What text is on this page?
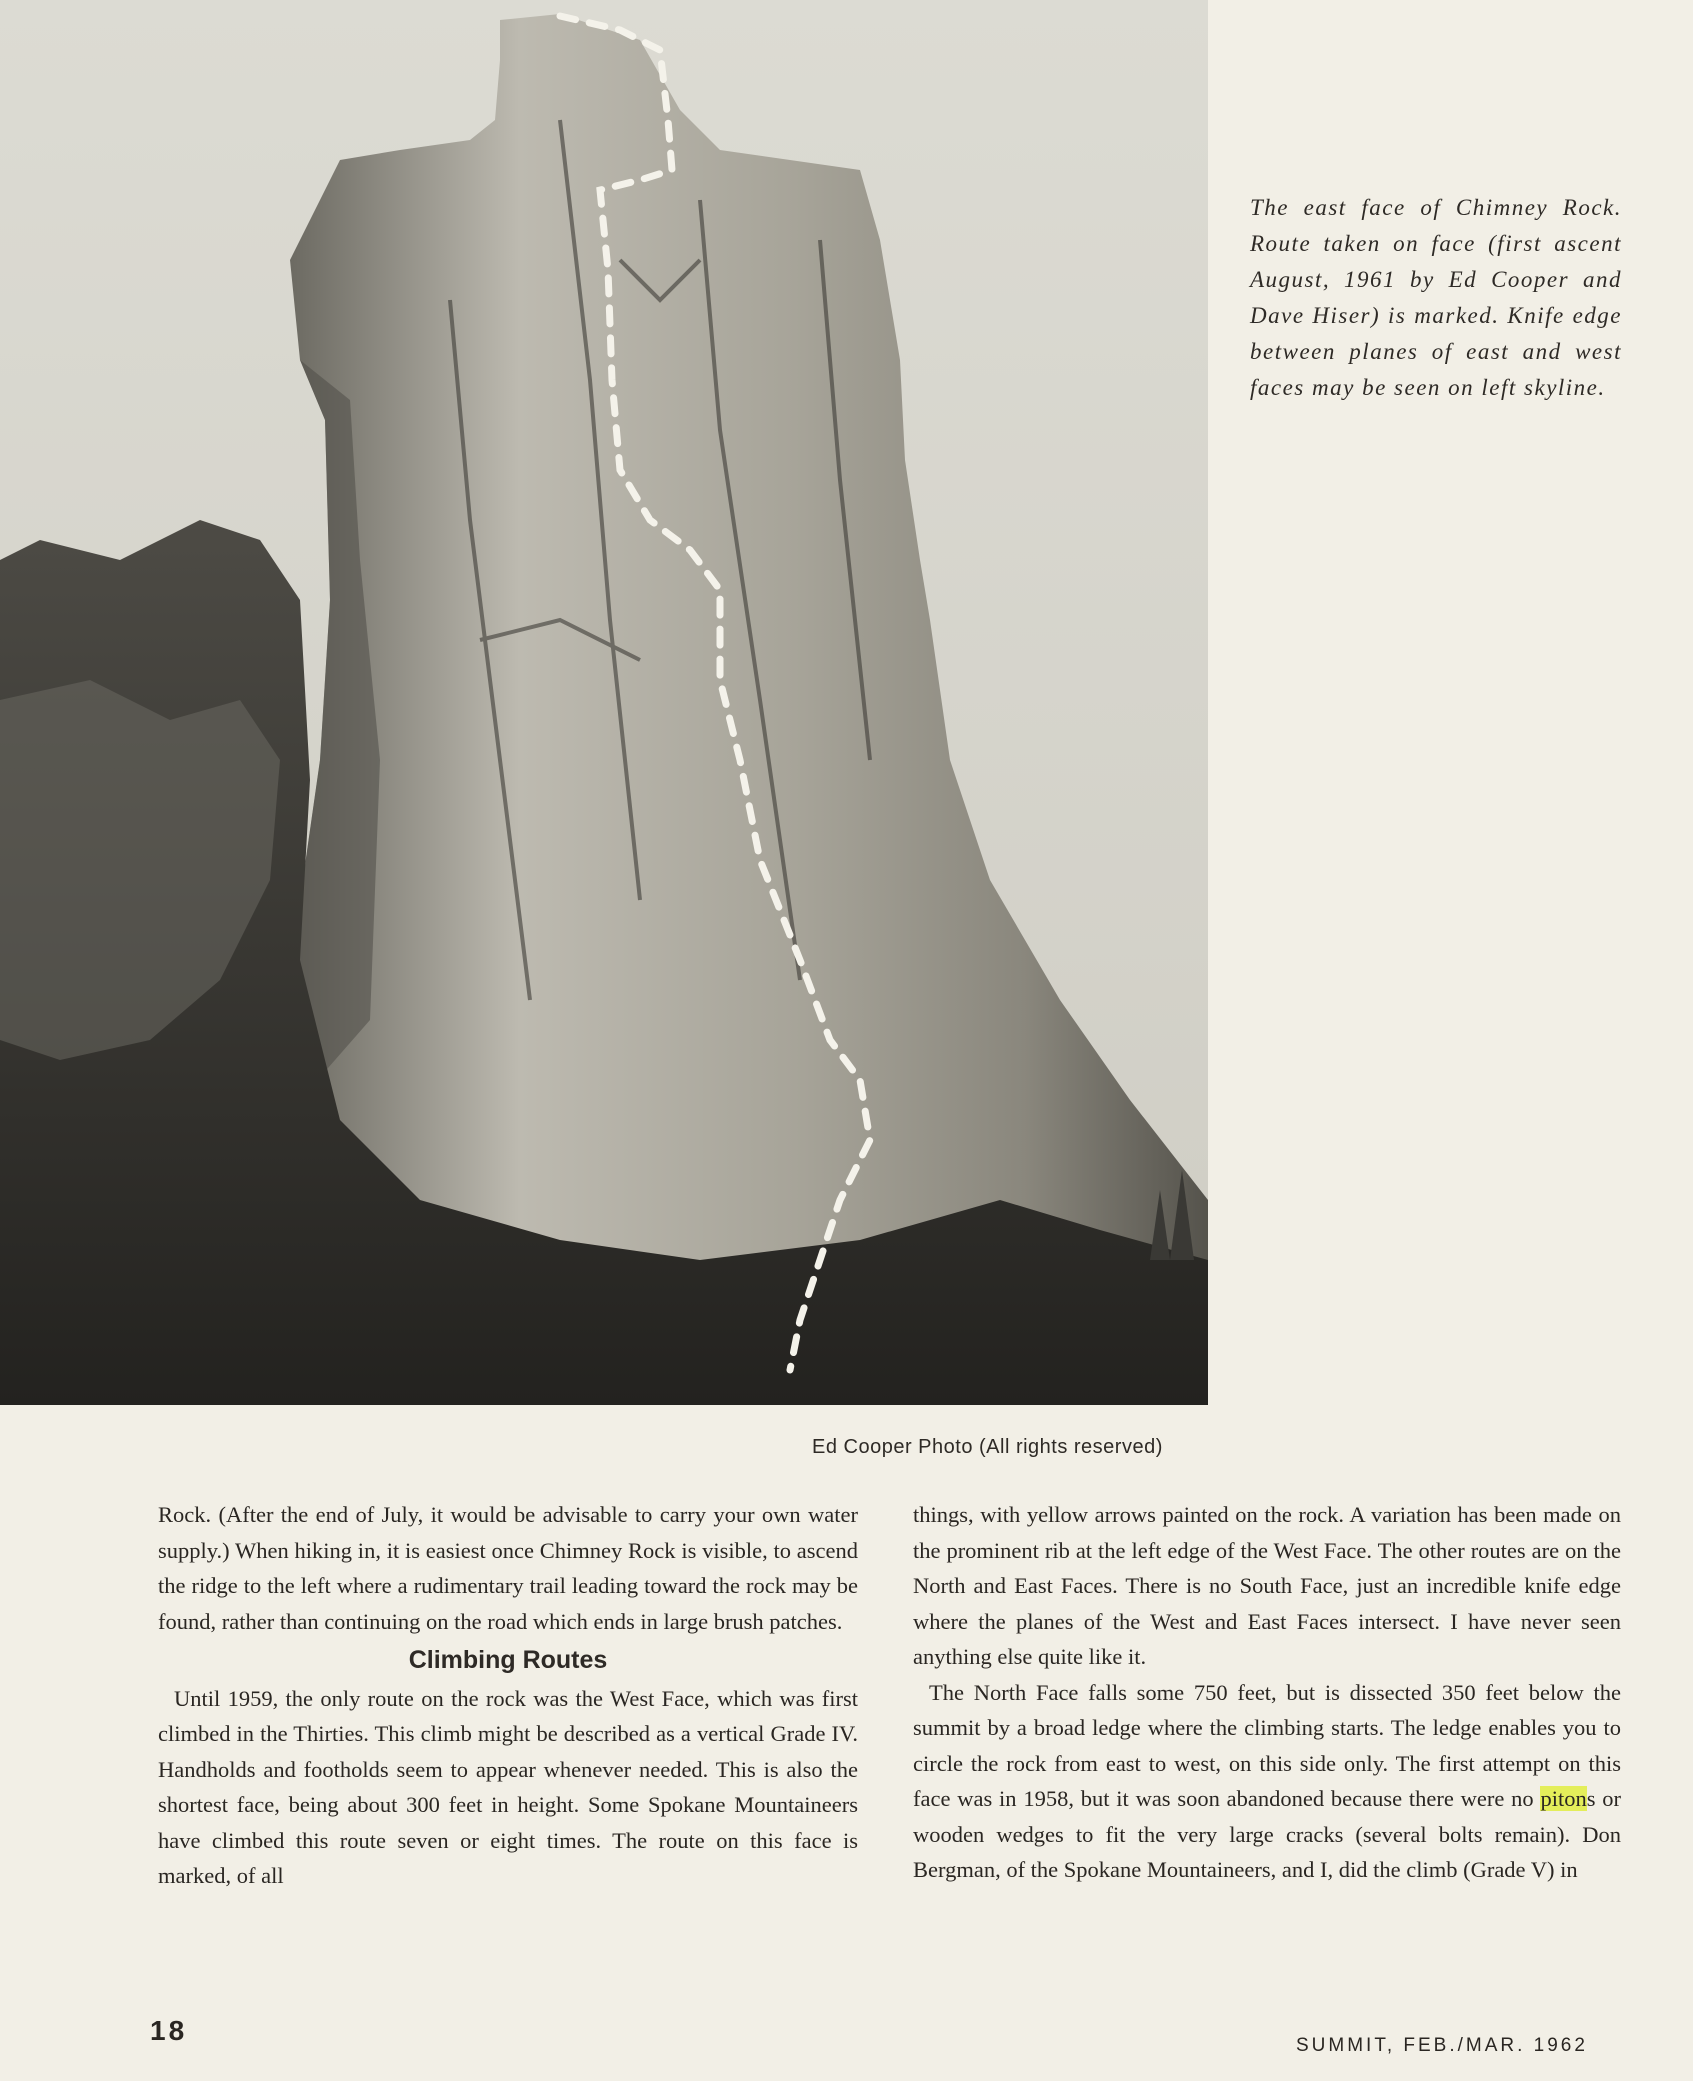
The east face of Chimney Rock. Route taken on face (first ascent August, 1961 by Ed Cooper and Dave Hiser) is marked. Knife edge between planes of east and west faces may be seen on left skyline.
Ed Cooper Photo (All rights reserved)

Rock. (After the end of July, it would be advisable to carry your own water supply.) When hiking in, it is easiest once Chimney Rock is visible, to ascend the ridge to the left where a rudimentary trail leading toward the rock may be found, rather than continuing on the road which ends in large brush patches.

Climbing Routes

Until 1959, the only route on the rock was the West Face, which was first climbed in the Thirties. This climb might be described as a vertical Grade IV. Handholds and footholds seem to appear whenever needed. This is also the shortest face, being about 300 feet in height. Some Spokane Mountaineers have climbed this route seven or eight times. The route on this face is marked, of all

things, with yellow arrows painted on the rock. A variation has been made on the prominent rib at the left edge of the West Face. The other routes are on the North and East Faces. There is no South Face, just an incredible knife edge where the planes of the West and East Faces intersect. I have never seen anything else quite like it.

The North Face falls some 750 feet, but is dissected 350 feet below the summit by a broad ledge where the climbing starts. The ledge enables you to circle the rock from east to west, on this side only. The first attempt on this face was in 1958, but it was soon abandoned because there were no pitons or wooden wedges to fit the very large cracks (several bolts remain). Don Bergman, of the Spokane Mountaineers, and I, did the climb (Grade V) in

18	SUMMIT, FEB./MAR. 1962
